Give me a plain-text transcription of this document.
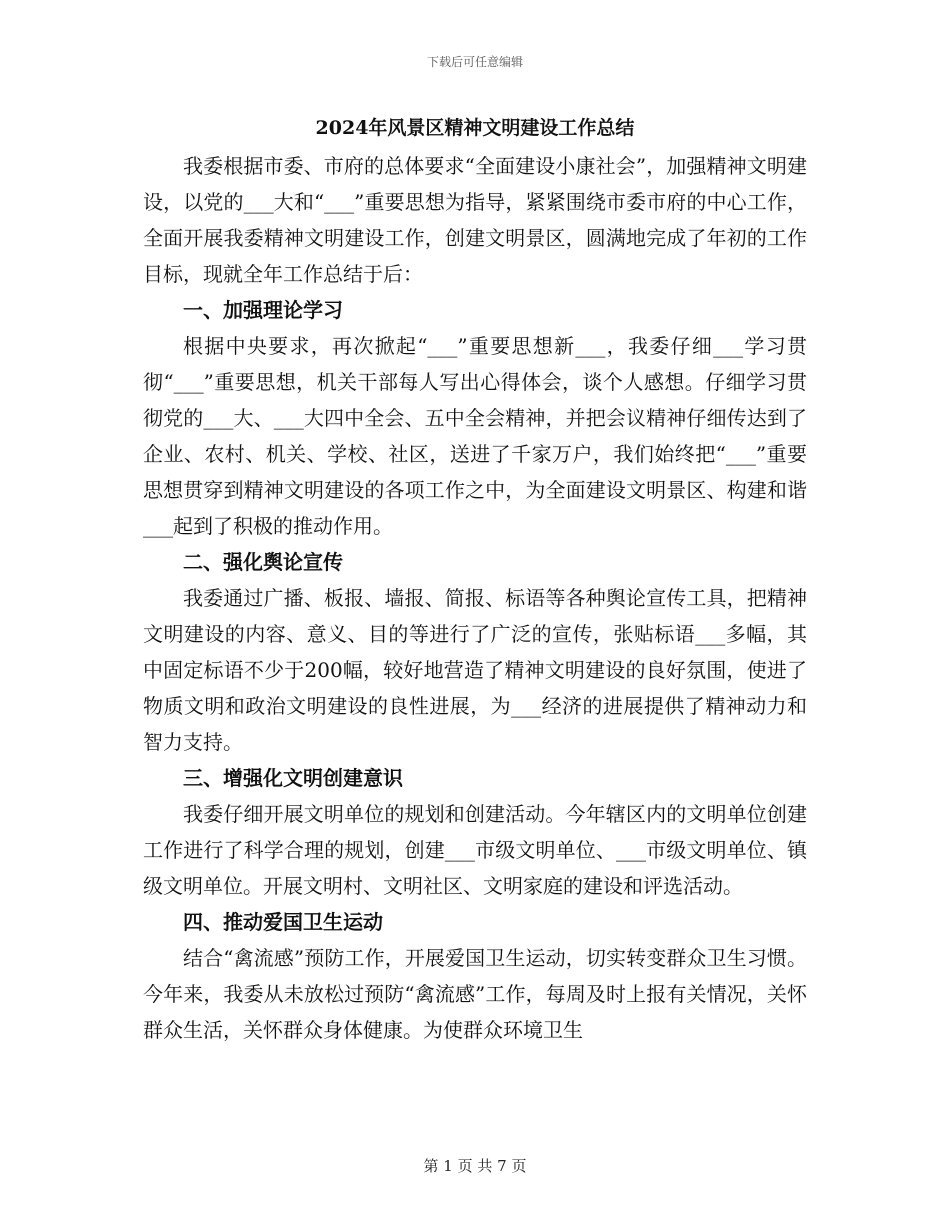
下载后可任意编辑
2024年风景区精神文明建设工作总结

我委根据市委、市府的总体要求“全面建设小康社会”，加强精神文明建设，以党的___大和“___”重要思想为指导，紧紧围绕市委市府的中心工作，全面开展我委精神文明建设工作，创建文明景区，圆满地完成了年初的工作目标，现就全年工作总结于后：

一、加强理论学习

根据中央要求，再次掀起“___”重要思想新___，我委仔细___学习贯彻“___”重要思想，机关干部每人写出心得体会，谈个人感想。仔细学习贯彻党的___大、___大四中全会、五中全会精神，并把会议精神仔细传达到了企业、农村、机关、学校、社区，送进了千家万户，我们始终把“___”重要思想贯穿到精神文明建设的各项工作之中，为全面建设文明景区、构建和谐___起到了积极的推动作用。

二、强化舆论宣传

我委通过广播、板报、墙报、简报、标语等各种舆论宣传工具，把精神文明建设的内容、意义、目的等进行了广泛的宣传，张贴标语___多幅，其中固定标语不少于200幅，较好地营造了精神文明建设的良好氛围，使进了物质文明和政治文明建设的良性进展，为___经济的进展提供了精神动力和智力支持。

三、增强化文明创建意识

我委仔细开展文明单位的规划和创建活动。今年辖区内的文明单位创建工作进行了科学合理的规划，创建___市级文明单位、___市级文明单位、镇级文明单位。开展文明村、文明社区、文明家庭的建设和评选活动。

四、推动爱国卫生运动

结合“禽流感”预防工作，开展爱国卫生运动，切实转变群众卫生习惯。今年来，我委从未放松过预防“禽流感”工作，每周及时上报有关情况，关怀群众生活，关怀群众身体健康。为使群众环境卫生

第 1 页 共 7 页
